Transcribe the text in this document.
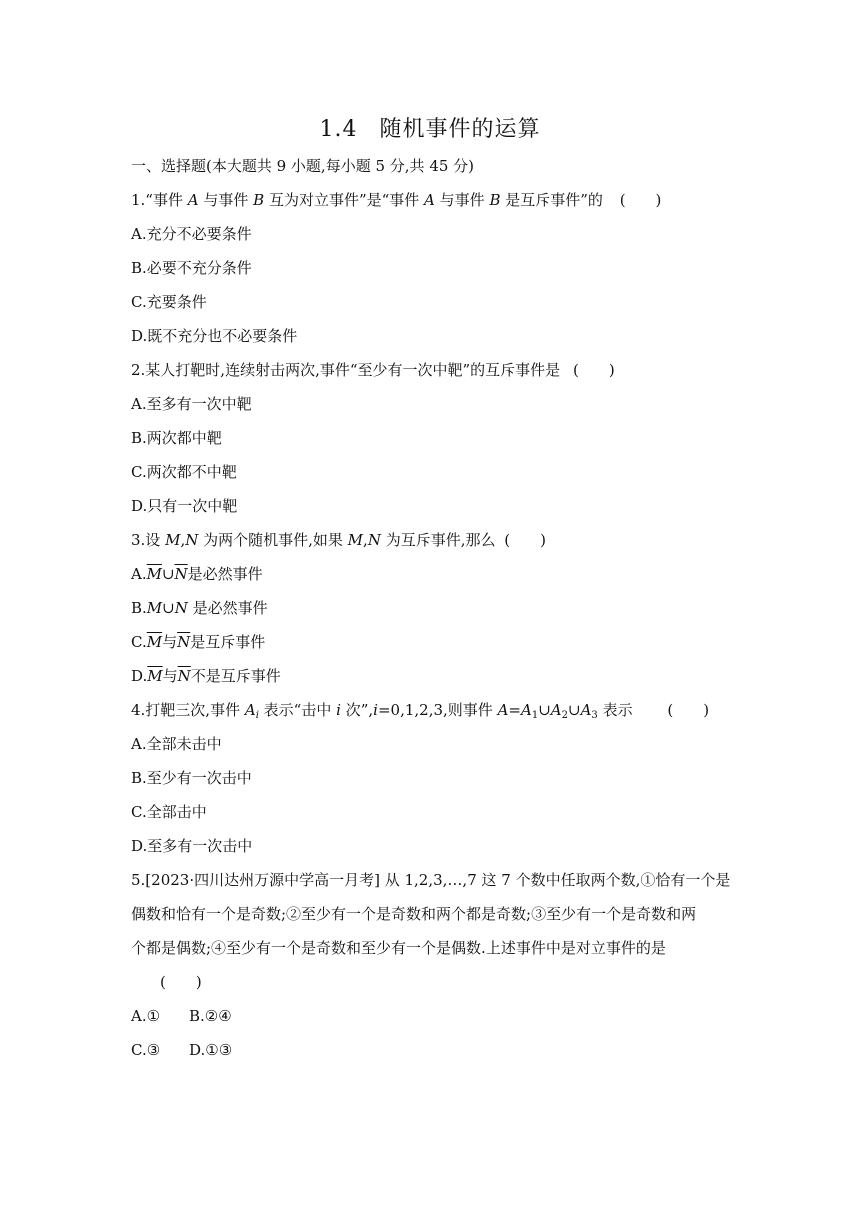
1.4 随机事件的运算
一、选择题(本大题共 9 小题,每小题 5 分,共 45 分)
1.“事件 A 与事件 B 互为对立事件”是“事件 A 与事件 B 是互斥事件”的 (　　)
A.充分不必要条件
B.必要不充分条件
C.充要条件
D.既不充分也不必要条件
2.某人打靶时,连续射击两次,事件“至少有一次中靶”的互斥事件是 (　　)
A.至多有一次中靶
B.两次都中靶
C.两次都不中靶
D.只有一次中靶
3.设 M,N 为两个随机事件,如果 M,N 为互斥事件,那么 (　　)
$A.\overline{M}\cup\overline{N}$是必然事件
B.M∪N 是必然事件
$C.\overline{M}$与$\overline{N}$是互斥事件
$D.\overline{M}$与$\overline{N}$不是互斥事件
4.打靶三次,事件 $A_i$ 表示“击中 i 次”,i=0,1,2,3,则事件 $A=A_1\cup A_2\cup A_3$ 表示 (　　)
A.全部未击中
B.至少有一次击中
C.全部击中
D.至多有一次击中
5.[2023·四川达州万源中学高一月考] 从 1,2,3,…,7 这 7 个数中任取两个数,①恰有一个是
偶数和恰有一个是奇数;②至少有一个是奇数和两个都是奇数;③至少有一个是奇数和两
个都是偶数;④至少有一个是奇数和至少有一个是偶数.上述事件中是对立事件的是
(　　)
A.① B.②④
C.③ D.①③
